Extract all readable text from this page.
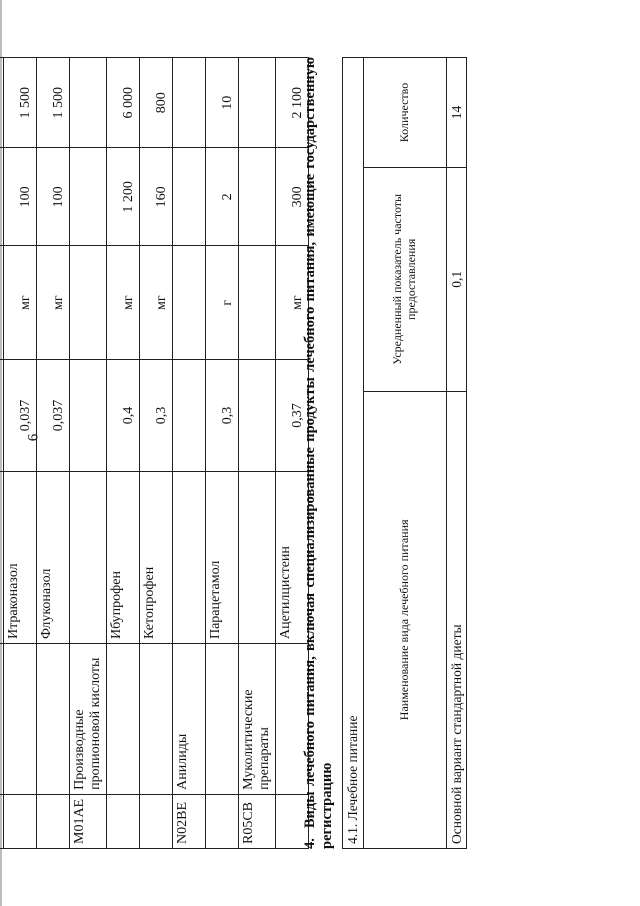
6

		Итраконазол	0,037	мг	100	1 500
		Флуконазол	0,037	мг	100	1 500
M01AE	Производные пропионовой кислоты					
		Ибупрофен	0,4	мг	1 200	6 000
		Кетопрофен	0,3	мг	160	800
N02BE	Анилиды					
		Парацетамол	0,3	г	2	10
R05CB	Муколитические препараты					
		Ацетилцистеин	0,37	мг	300	2 100
4.Виды лечебного питания, включая специализированные продукты лечебного питания, имеющие государственную регистрацию 4.1. Лечебное питание		
Наименование вида лечебного питания	Усредненный показатель частоты предоставления	Количество
Основной вариант стандартной диеты	0,1	14
